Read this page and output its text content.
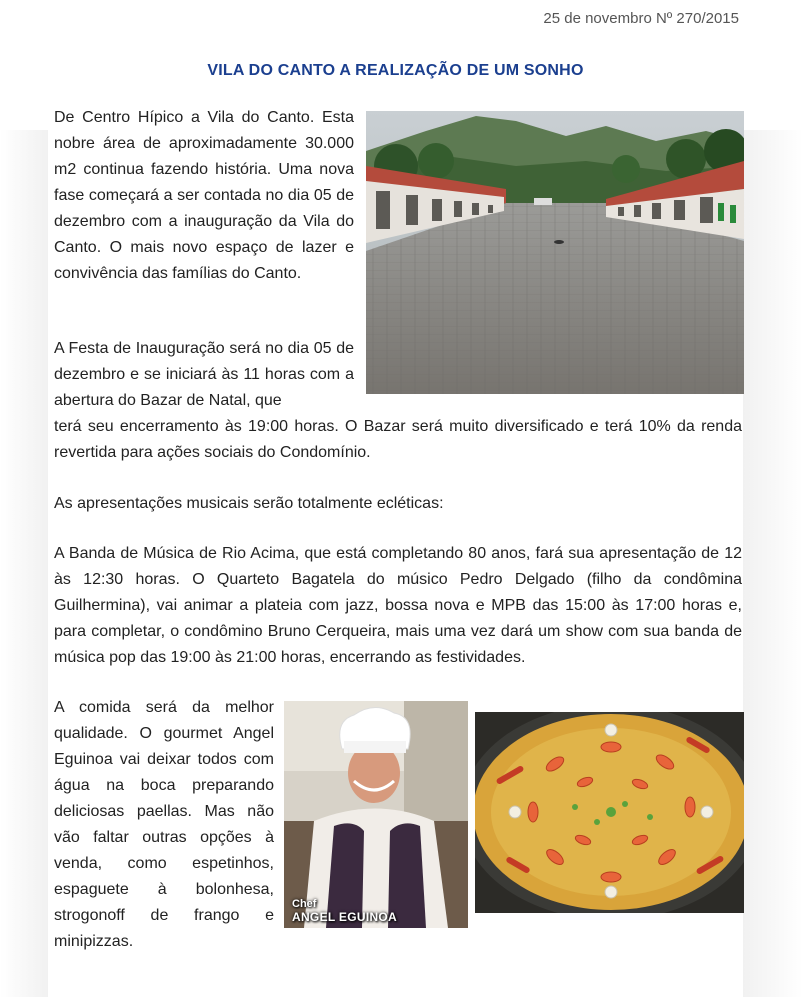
25 de novembro Nº 270/2015
VILA DO CANTO A REALIZAÇÃO DE UM SONHO

De Centro Hípico a Vila do Canto. Esta nobre área de aproximadamente 30.000 m2 continua fazendo história. Uma nova fase começará a ser contada no dia 05 de dezembro com a inauguração da Vila do Canto. O mais novo espaço de lazer e convivência das famílias do Canto.

A Festa de Inauguração será no dia 05 de dezembro e se iniciará às 11 horas com a abertura do Bazar de Natal, que

terá seu encerramento às 19:00 horas. O Bazar será muito diversificado e terá 10% da renda revertida para ações sociais do Condomínio.

As apresentações musicais serão totalmente ecléticas:

A Banda de Música de Rio Acima, que está completando 80 anos, fará sua apresentação de 12 às 12:30 horas. O Quarteto Bagatela do músico Pedro Delgado (filho da condômina Guilhermina), vai animar a plateia com jazz, bossa nova e MPB das 15:00 às 17:00 horas e, para completar, o condômino Bruno Cerqueira, mais uma vez dará um show com sua banda de música pop das 19:00 às 21:00 horas, encerrando as festividades.

A comida será da melhor qualidade. O gourmet Angel Eguinoa vai deixar todos com água na boca preparando deliciosas paellas. Mas não vão faltar outras opções à venda, como espetinhos, espaguete à bolonhesa, strogonoff de frango e minipizzas.

Chef
ANGEL EGUINOA
